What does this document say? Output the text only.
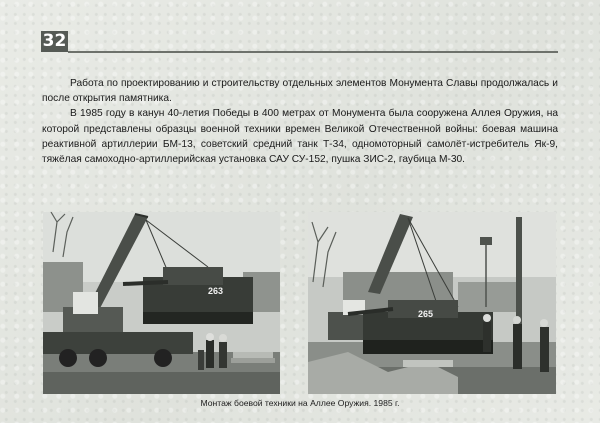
32

Работа по проектированию и строительству отдельных элементов Монумента Славы продолжалась и после открытия памятника.

В 1985 году в канун 40-летия Победы в 400 метрах от Монумента была сооружена Аллея Оружия, на которой представлены образцы военной техники времен Великой Отечественной войны: боевая машина реактивной артиллерии БМ-13, советский средний танк Т-34, одномоторный самолёт-истребитель Як-9, тяжёлая самоходно-артиллерийская установка САУ СУ-152, пушка ЗИС-2, гаубица М-30.

263
265
Монтаж боевой техники на Аллее Оружия. 1985 г.
